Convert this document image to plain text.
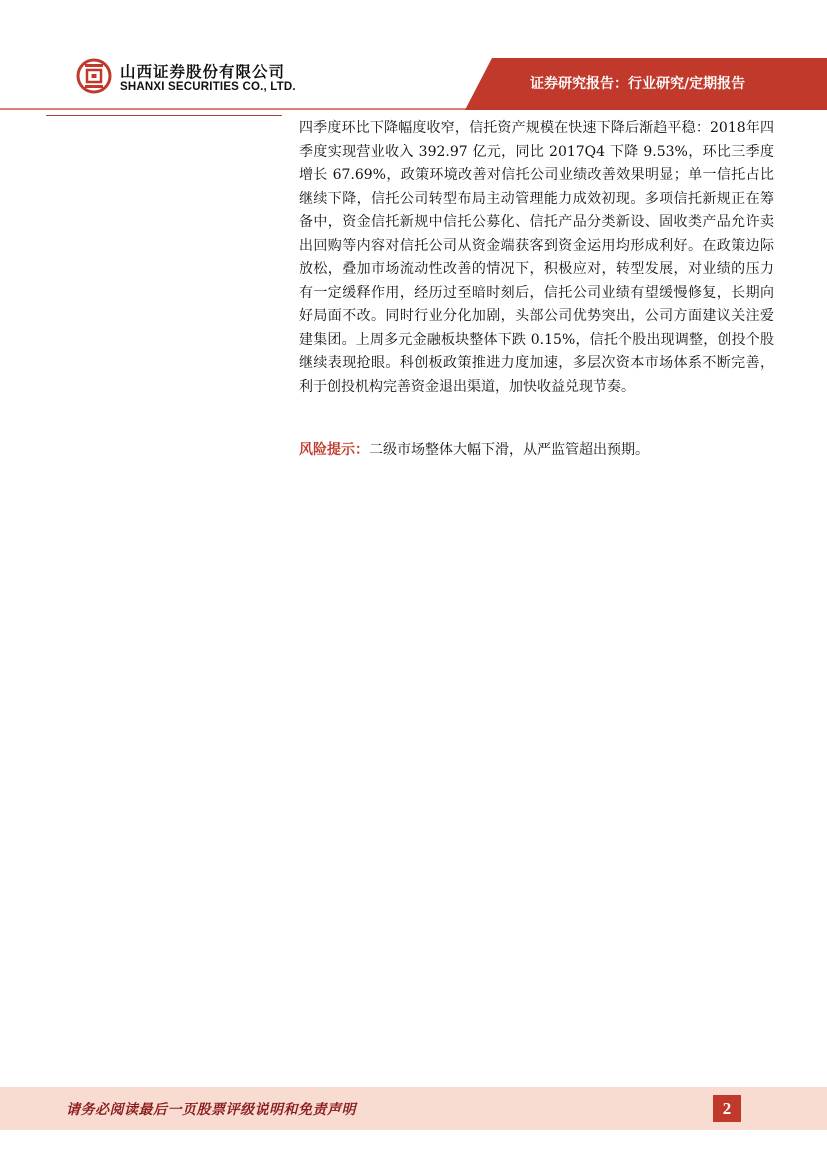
山西证券股份有限公司
SHANXI SECURITIES CO., LTD.	证券研究报告：行业研究/定期报告
四季度环比下降幅度收窄，信托资产规模在快速下降后渐趋平稳：2018年四季度实现营业收入 392.97 亿元，同比 2017Q4 下降 9.53%，环比三季度增长 67.69%，政策环境改善对信托公司业绩改善效果明显；单一信托占比继续下降，信托公司转型布局主动管理能力成效初现。多项信托新规正在筹备中，资金信托新规中信托公募化、信托产品分类新设、固收类产品允许卖出回购等内容对信托公司从资金端获客到资金运用均形成利好。在政策边际放松，叠加市场流动性改善的情况下，积极应对，转型发展，对业绩的压力有一定缓释作用，经历过至暗时刻后，信托公司业绩有望缓慢修复，长期向好局面不改。同时行业分化加剧，头部公司优势突出，公司方面建议关注爱建集团。上周多元金融板块整体下跌 0.15%，信托个股出现调整，创投个股继续表现抢眼。科创板政策推进力度加速，多层次资本市场体系不断完善，利于创投机构完善资金退出渠道，加快收益兑现节奏。
风险提示：二级市场整体大幅下滑，从严监管超出预期。
请务必阅读最后一页股票评级说明和免责声明	2
